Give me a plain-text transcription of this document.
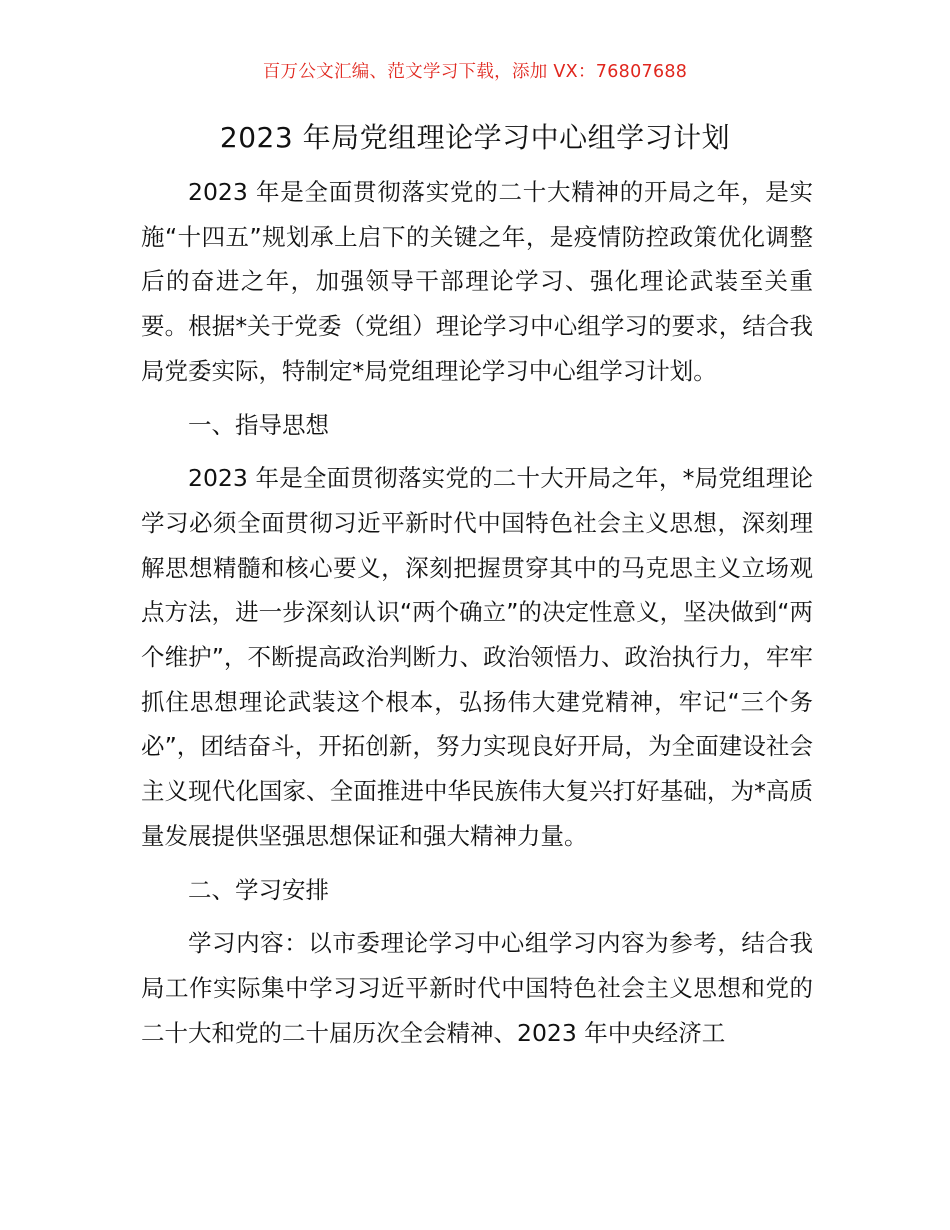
百万公文汇编、范文学习下载，添加 VX：76807688
2023 年局党组理论学习中心组学习计划

2023 年是全面贯彻落实党的二十大精神的开局之年，是实施“十四五”规划承上启下的关键之年，是疫情防控政策优化调整后的奋进之年，加强领导干部理论学习、强化理论武装至关重要。根据*关于党委（党组）理论学习中心组学习的要求，结合我局党委实际，特制定*局党组理论学习中心组学习计划。

一、指导思想

2023 年是全面贯彻落实党的二十大开局之年，*局党组理论学习必须全面贯彻习近平新时代中国特色社会主义思想，深刻理解思想精髓和核心要义，深刻把握贯穿其中的马克思主义立场观点方法，进一步深刻认识“两个确立”的决定性意义，坚决做到“两个维护”，不断提高政治判断力、政治领悟力、政治执行力，牢牢抓住思想理论武装这个根本，弘扬伟大建党精神，牢记“三个务必”，团结奋斗，开拓创新，努力实现良好开局，为全面建设社会主义现代化国家、全面推进中华民族伟大复兴打好基础，为*高质量发展提供坚强思想保证和强大精神力量。

二、学习安排

学习内容：以市委理论学习中心组学习内容为参考，结合我局工作实际集中学习习近平新时代中国特色社会主义思想和党的二十大和党的二十届历次全会精神、2023 年中央经济工
